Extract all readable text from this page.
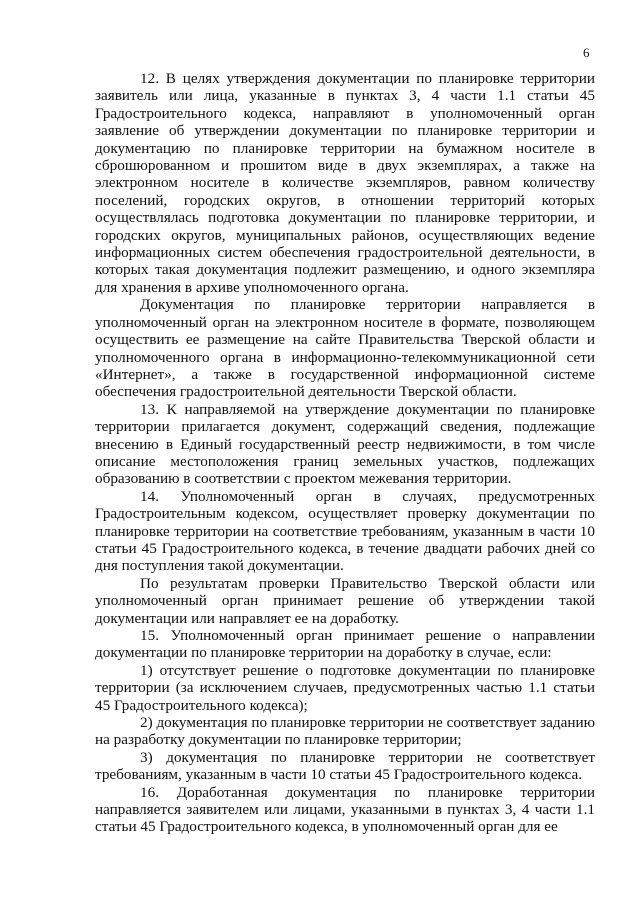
6

12. В целях утверждения документации по планировке территории заявитель или лица, указанные в пунктах 3, 4 части 1.1 статьи 45 Градостроительного кодекса, направляют в уполномоченный орган заявление об утверждении документации по планировке территории и документацию по планировке территории на бумажном носителе в сброшюрованном и прошитом виде в двух экземплярах, а также на электронном носителе в количестве экземпляров, равном количеству поселений, городских округов, в отношении территорий которых осуществлялась подготовка документации по планировке территории, и городских округов, муниципальных районов, осуществляющих ведение информационных систем обеспечения градостроительной деятельности, в которых такая документация подлежит размещению, и одного экземпляра для хранения в архиве уполномоченного органа.

Документация по планировке территории направляется в уполномоченный орган на электронном носителе в формате, позволяющем осуществить ее размещение на сайте Правительства Тверской области и уполномоченного органа в информационно-телекоммуникационной сети «Интернет», а также в государственной информационной системе обеспечения градостроительной деятельности Тверской области.

13. К направляемой на утверждение документации по планировке территории прилагается документ, содержащий сведения, подлежащие внесению в Единый государственный реестр недвижимости, в том числе описание местоположения границ земельных участков, подлежащих образованию в соответствии с проектом межевания территории.

14. Уполномоченный орган в случаях, предусмотренных Градостроительным кодексом, осуществляет проверку документации по планировке территории на соответствие требованиям, указанным в части 10 статьи 45 Градостроительного кодекса, в течение двадцати рабочих дней со дня поступления такой документации.

По результатам проверки Правительство Тверской области или уполномоченный орган принимает решение об утверждении такой документации или направляет ее на доработку.

15. Уполномоченный орган принимает решение о направлении документации по планировке территории на доработку в случае, если:

1) отсутствует решение о подготовке документации по планировке территории (за исключением случаев, предусмотренных частью 1.1 статьи 45 Градостроительного кодекса);

2) документация по планировке территории не соответствует заданию на разработку документации по планировке территории;

3) документация по планировке территории не соответствует требованиям, указанным в части 10 статьи 45 Градостроительного кодекса.

16. Доработанная документация по планировке территории направляется заявителем или лицами, указанными в пунктах 3, 4 части 1.1 статьи 45 Градостроительного кодекса, в уполномоченный орган для ее
